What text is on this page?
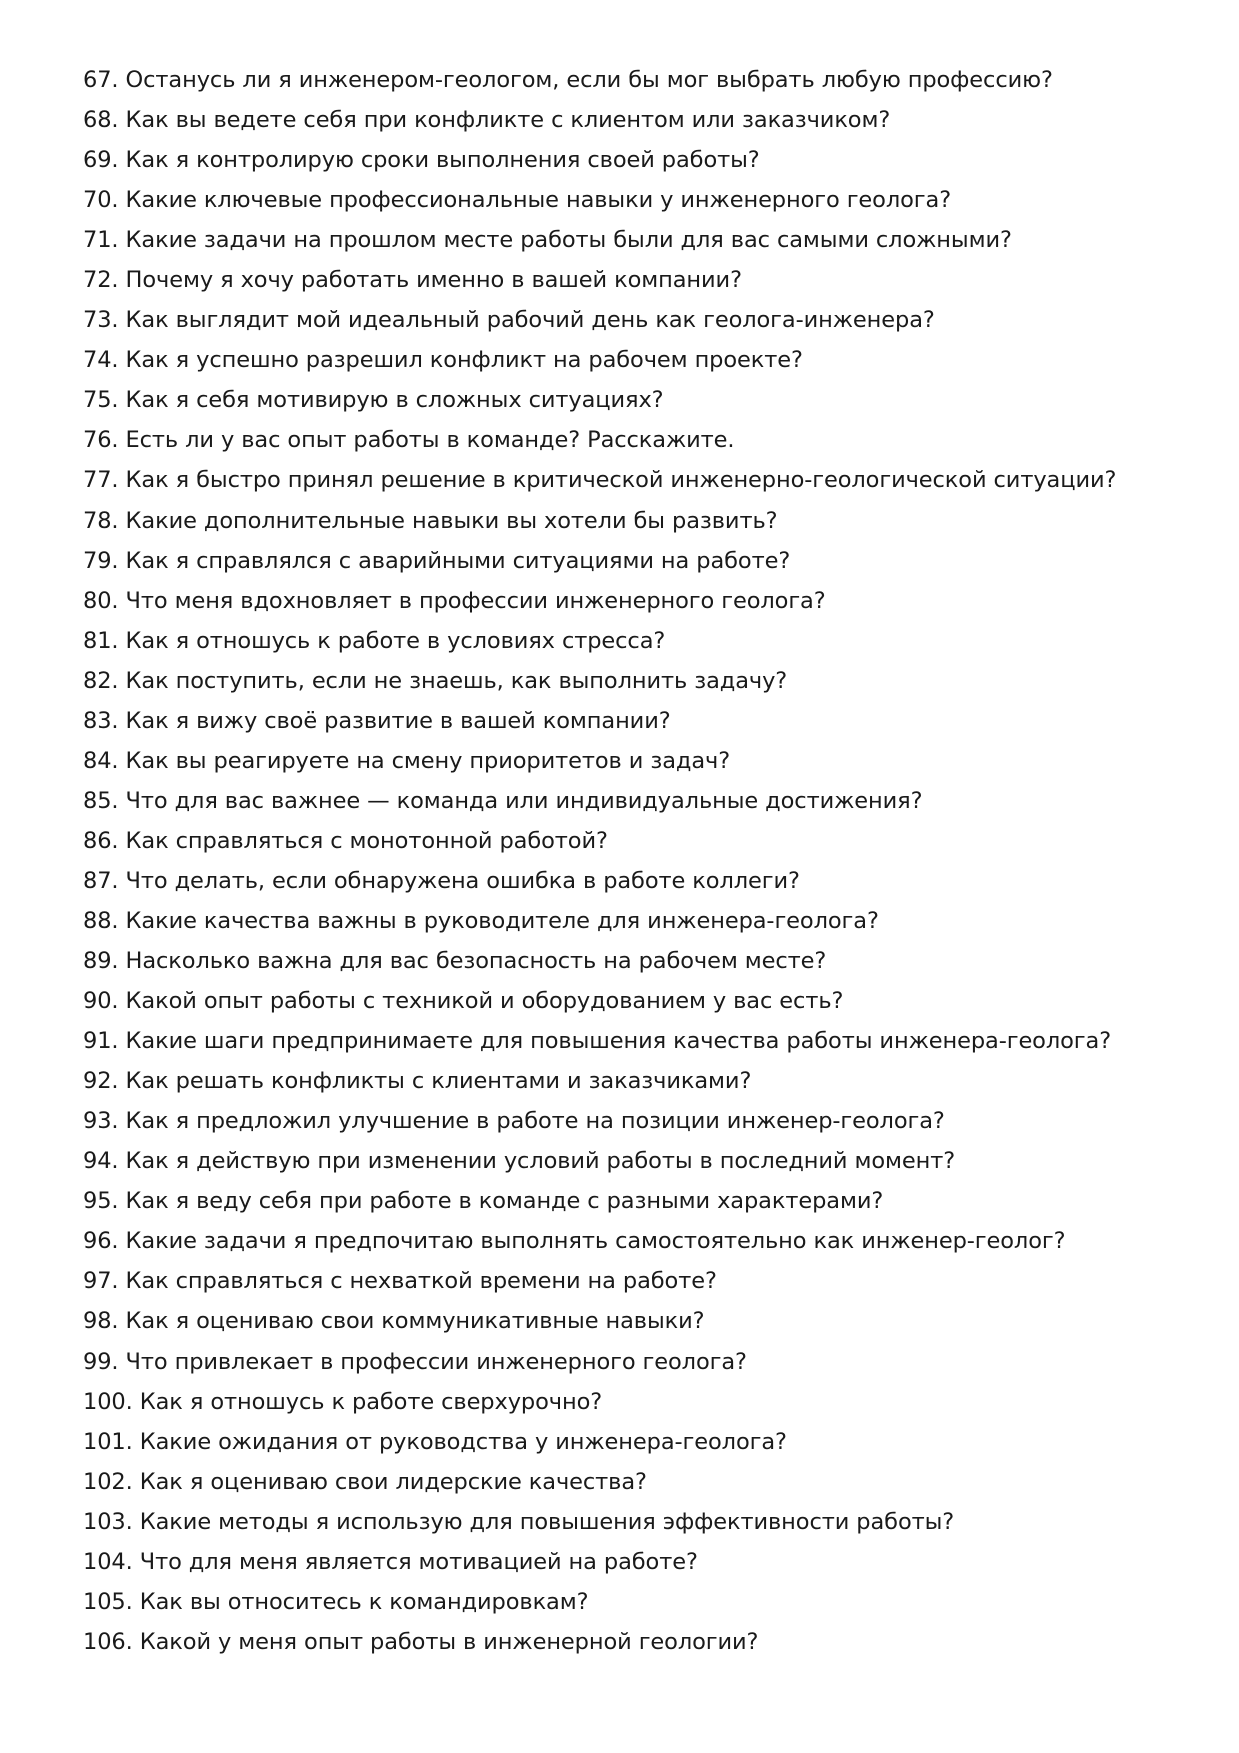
67. Останусь ли я инженером-геологом, если бы мог выбрать любую профессию?
68. Как вы ведете себя при конфликте с клиентом или заказчиком?
69. Как я контролирую сроки выполнения своей работы?
70. Какие ключевые профессиональные навыки у инженерного геолога?
71. Какие задачи на прошлом месте работы были для вас самыми сложными?
72. Почему я хочу работать именно в вашей компании?
73. Как выглядит мой идеальный рабочий день как геолога-инженера?
74. Как я успешно разрешил конфликт на рабочем проекте?
75. Как я себя мотивирую в сложных ситуациях?
76. Есть ли у вас опыт работы в команде? Расскажите.
77. Как я быстро принял решение в критической инженерно-геологической ситуации?
78. Какие дополнительные навыки вы хотели бы развить?
79. Как я справлялся с аварийными ситуациями на работе?
80. Что меня вдохновляет в профессии инженерного геолога?
81. Как я отношусь к работе в условиях стресса?
82. Как поступить, если не знаешь, как выполнить задачу?
83. Как я вижу своё развитие в вашей компании?
84. Как вы реагируете на смену приоритетов и задач?
85. Что для вас важнее — команда или индивидуальные достижения?
86. Как справляться с монотонной работой?
87. Что делать, если обнаружена ошибка в работе коллеги?
88. Какие качества важны в руководителе для инженера-геолога?
89. Насколько важна для вас безопасность на рабочем месте?
90. Какой опыт работы с техникой и оборудованием у вас есть?
91. Какие шаги предпринимаете для повышения качества работы инженера-геолога?
92. Как решать конфликты с клиентами и заказчиками?
93. Как я предложил улучшение в работе на позиции инженер-геолога?
94. Как я действую при изменении условий работы в последний момент?
95. Как я веду себя при работе в команде с разными характерами?
96. Какие задачи я предпочитаю выполнять самостоятельно как инженер-геолог?
97. Как справляться с нехваткой времени на работе?
98. Как я оцениваю свои коммуникативные навыки?
99. Что привлекает в профессии инженерного геолога?
100. Как я отношусь к работе сверхурочно?
101. Какие ожидания от руководства у инженера-геолога?
102. Как я оцениваю свои лидерские качества?
103. Какие методы я использую для повышения эффективности работы?
104. Что для меня является мотивацией на работе?
105. Как вы относитесь к командировкам?
106. Какой у меня опыт работы в инженерной геологии?
